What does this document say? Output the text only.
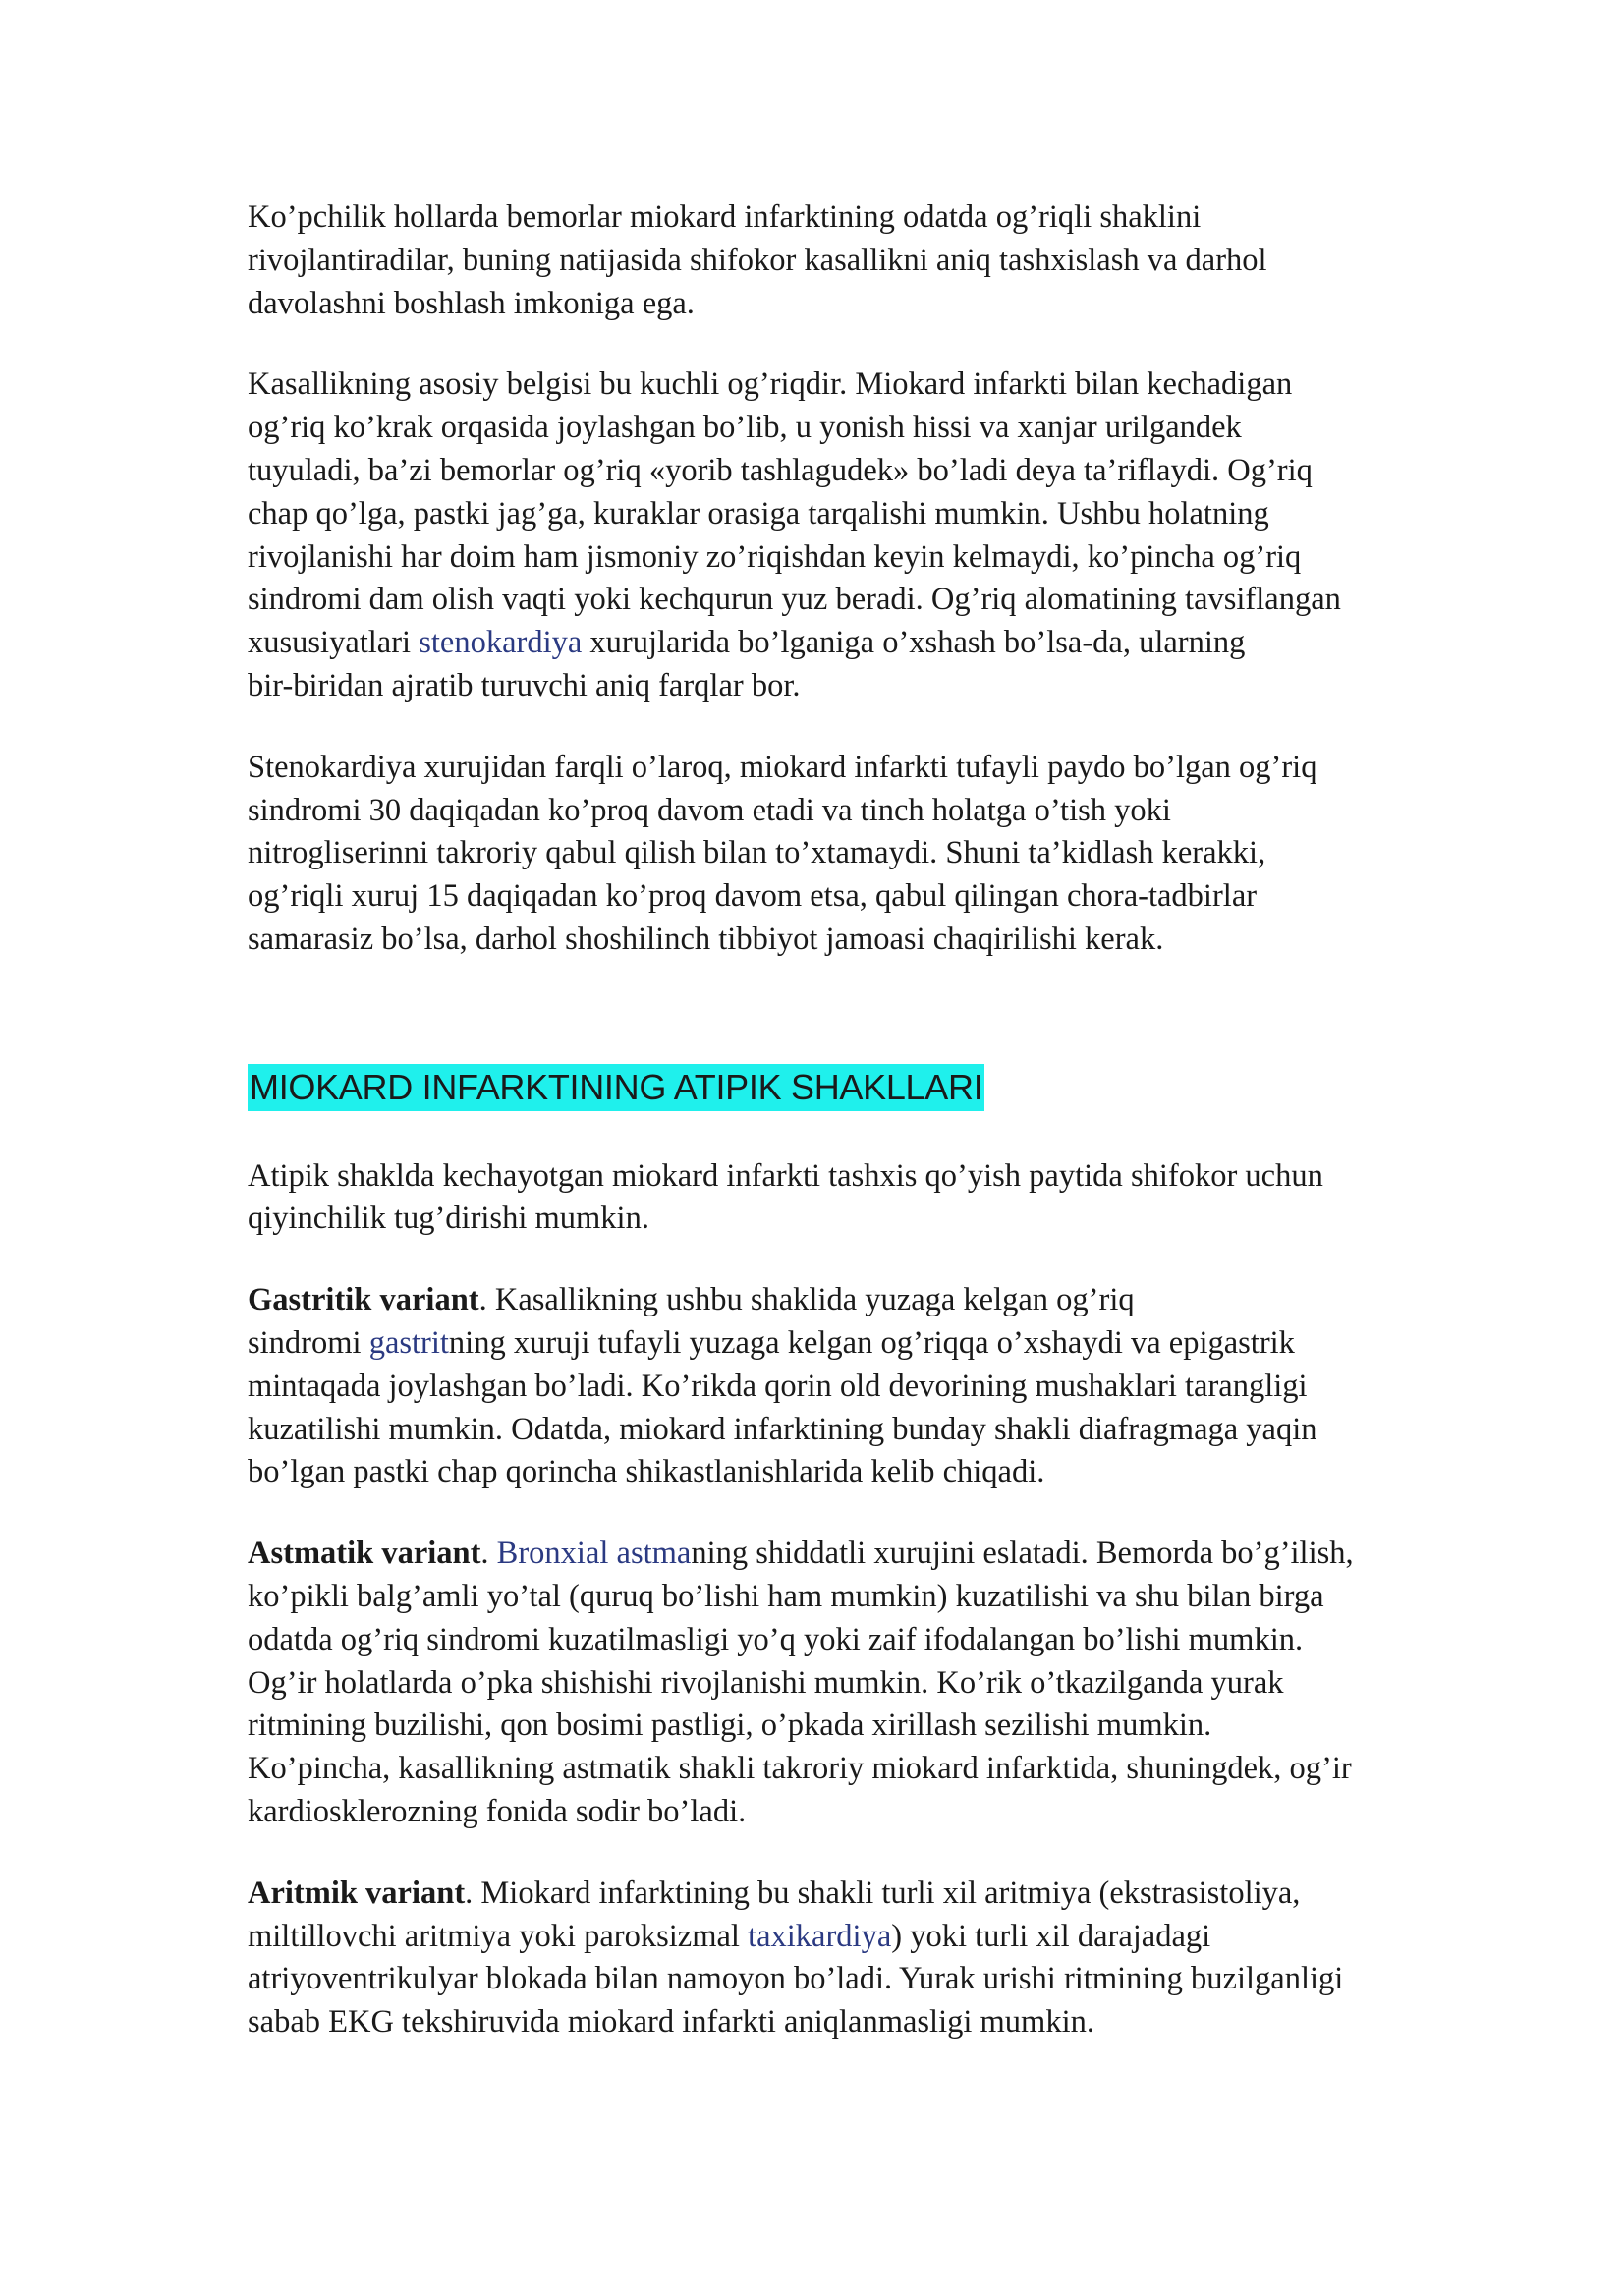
Ko’pchilik hollarda bemorlar miokard infarktining odatda og’riqli shaklini
rivojlantiradilar, buning natijasida shifokor kasallikni aniq tashxislash va darhol
davolashni boshlash imkoniga ega.

Kasallikning asosiy belgisi bu kuchli og’riqdir. Miokard infarkti bilan kechadigan
og’riq ko’krak orqasida joylashgan bo’lib, u yonish hissi va xanjar urilgandek
tuyuladi, ba’zi bemorlar og’riq «yorib tashlagudek» bo’ladi deya ta’riflaydi. Og’riq
chap qo’lga, pastki jag’ga, kuraklar orasiga tarqalishi mumkin. Ushbu holatning
rivojlanishi har doim ham jismoniy zo’riqishdan keyin kelmaydi, ko’pincha og’riq
sindromi dam olish vaqti yoki kechqurun yuz beradi. Og’riq alomatining tavsiflangan
xususiyatlari stenokardiya xurujlarida bo’lganiga o’xshash bo’lsa-da, ularning
bir-biridan ajratib turuvchi aniq farqlar bor.

Stenokardiya xurujidan farqli o’laroq, miokard infarkti tufayli paydo bo’lgan og’riq
sindromi 30 daqiqadan ko’proq davom etadi va tinch holatga o’tish yoki
nitrogliserinni takroriy qabul qilish bilan to’xtamaydi. Shuni ta’kidlash kerakki,
og’riqli xuruj 15 daqiqadan ko’proq davom etsa, qabul qilingan chora-tadbirlar
samarasiz bo’lsa, darhol shoshilinch tibbiyot jamoasi chaqirilishi kerak.

MIOKARD INFARKTINING ATIPIK SHAKLLARI

Atipik shaklda kechayotgan miokard infarkti tashxis qo’yish paytida shifokor uchun
qiyinchilik tug’dirishi mumkin.

Gastritik variant. Kasallikning ushbu shaklida yuzaga kelgan og’riq
sindromi gastritning xuruji tufayli yuzaga kelgan og’riqqa o’xshaydi va epigastrik
mintaqada joylashgan bo’ladi. Ko’rikda qorin old devorining mushaklari tarangligi
kuzatilishi mumkin. Odatda, miokard infarktining bunday shakli diafragmaga yaqin
bo’lgan pastki chap qorincha shikastlanishlarida kelib chiqadi.

Astmatik variant. Bronxial astmaning shiddatli xurujini eslatadi. Bemorda bo’g’ilish,
ko’pikli balg’amli yo’tal (quruq bo’lishi ham mumkin) kuzatilishi va shu bilan birga
odatda og’riq sindromi kuzatilmasligi yo’q yoki zaif ifodalangan bo’lishi mumkin.
Og’ir holatlarda o’pka shishishi rivojlanishi mumkin. Ko’rik o’tkazilganda yurak
ritmining buzilishi, qon bosimi pastligi, o’pkada xirillash sezilishi mumkin.
Ko’pincha, kasallikning astmatik shakli takroriy miokard infarktida, shuningdek, og’ir
kardiosklerozning fonida sodir bo’ladi.

Aritmik variant. Miokard infarktining bu shakli turli xil aritmiya (ekstrasistoliya,
miltillovchi aritmiya yoki paroksizmal taxikardiya) yoki turli xil darajadagi
atriyoventrikulyar blokada bilan namoyon bo’ladi. Yurak urishi ritmining buzilganligi
sabab EKG tekshiruvida miokard infarkti aniqlanmasligi mumkin.
